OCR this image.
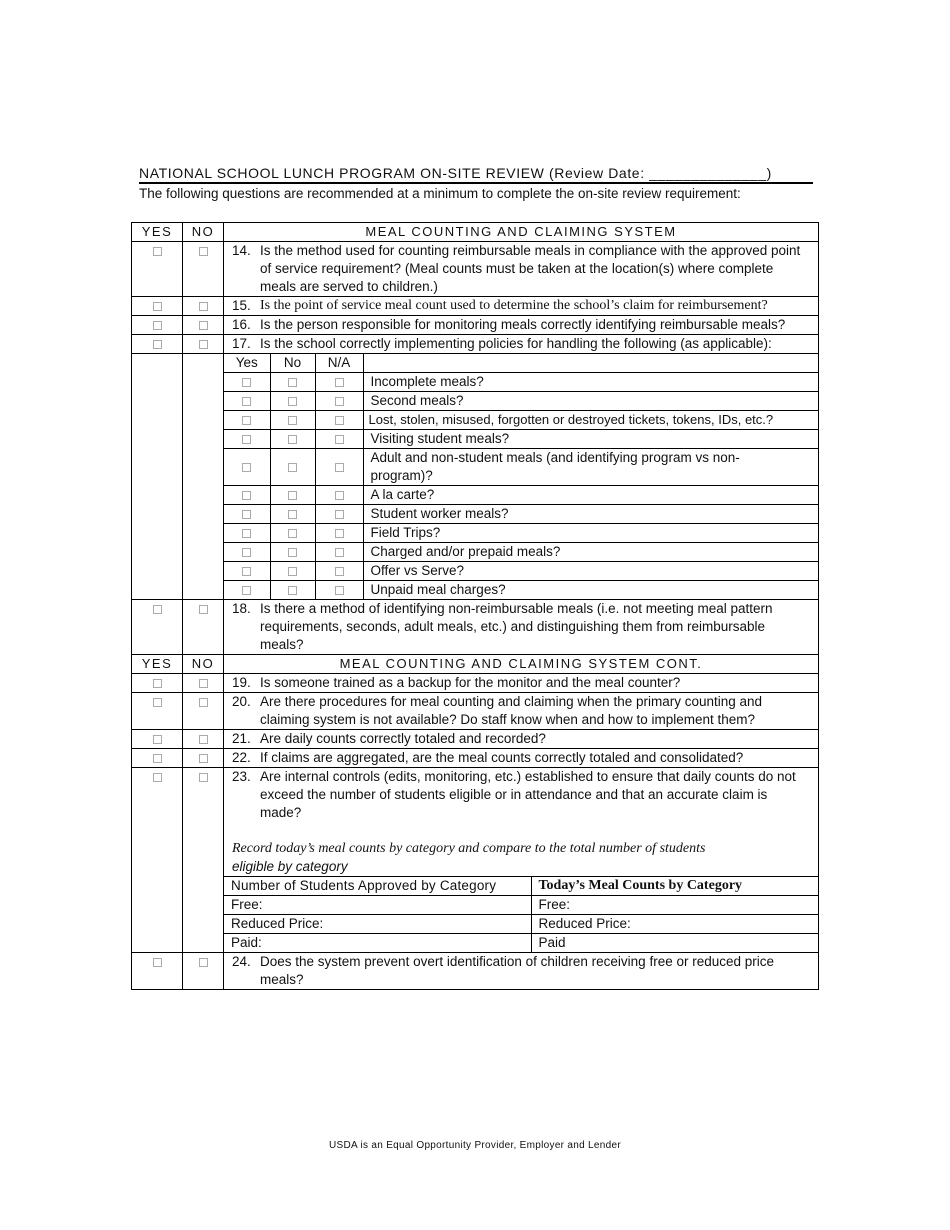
NATIONAL SCHOOL LUNCH PROGRAM ON-SITE REVIEW (Review Date: ______________)
The following questions are recommended at a minimum to complete the on-site review requirement:
YES	NO	MEAL COUNTING AND CLAIMING SYSTEM

14. Is the method used for counting reimbursable meals in compliance with the approved point of service requirement? (Meal counts must be taken at the location(s) where complete meals are served to children.)

15. Is the point of service meal count used to determine the school’s claim for reimbursement?

16. Is the person responsible for monitoring meals correctly identifying reimbursable meals?

17. Is the school correctly implementing policies for handling the following (as applicable):

Yes	No	N/A	
			Incomplete meals?
			Second meals?
			Lost, stolen, misused, forgotten or destroyed tickets, tokens, IDs, etc.?
			Visiting student meals?
			Adult and non-student meals (and identifying program vs non-program)?
			A la carte?
			Student worker meals?
			Field Trips?
			Charged and/or prepaid meals?
			Offer vs Serve?
			Unpaid meal charges?

18. Is there a method of identifying non-reimbursable meals (i.e. not meeting meal pattern requirements, seconds, adult meals, etc.) and distinguishing them from reimbursable meals?

YES	NO	MEAL COUNTING AND CLAIMING SYSTEM CONT.

19. Is someone trained as a backup for the monitor and the meal counter?

20. Are there procedures for meal counting and claiming when the primary counting and claiming system is not available? Do staff know when and how to implement them?

21. Are daily counts correctly totaled and recorded?

22. If claims are aggregated, are the meal counts correctly totaled and consolidated?

23. Are internal controls (edits, monitoring, etc.) established to ensure that daily counts do not exceed the number of students eligible or in attendance and that an accurate claim is made?
Record today’s meal counts by category and compare to the total number of students
eligible by category
Number of Students Approved by Category	Today’s Meal Counts by Category
Free:	Free:
Reduced Price:	Reduced Price:
Paid:	Paid

24. Does the system prevent overt identification of children receiving free or reduced price meals?
USDA is an Equal Opportunity Provider, Employer and Lender
